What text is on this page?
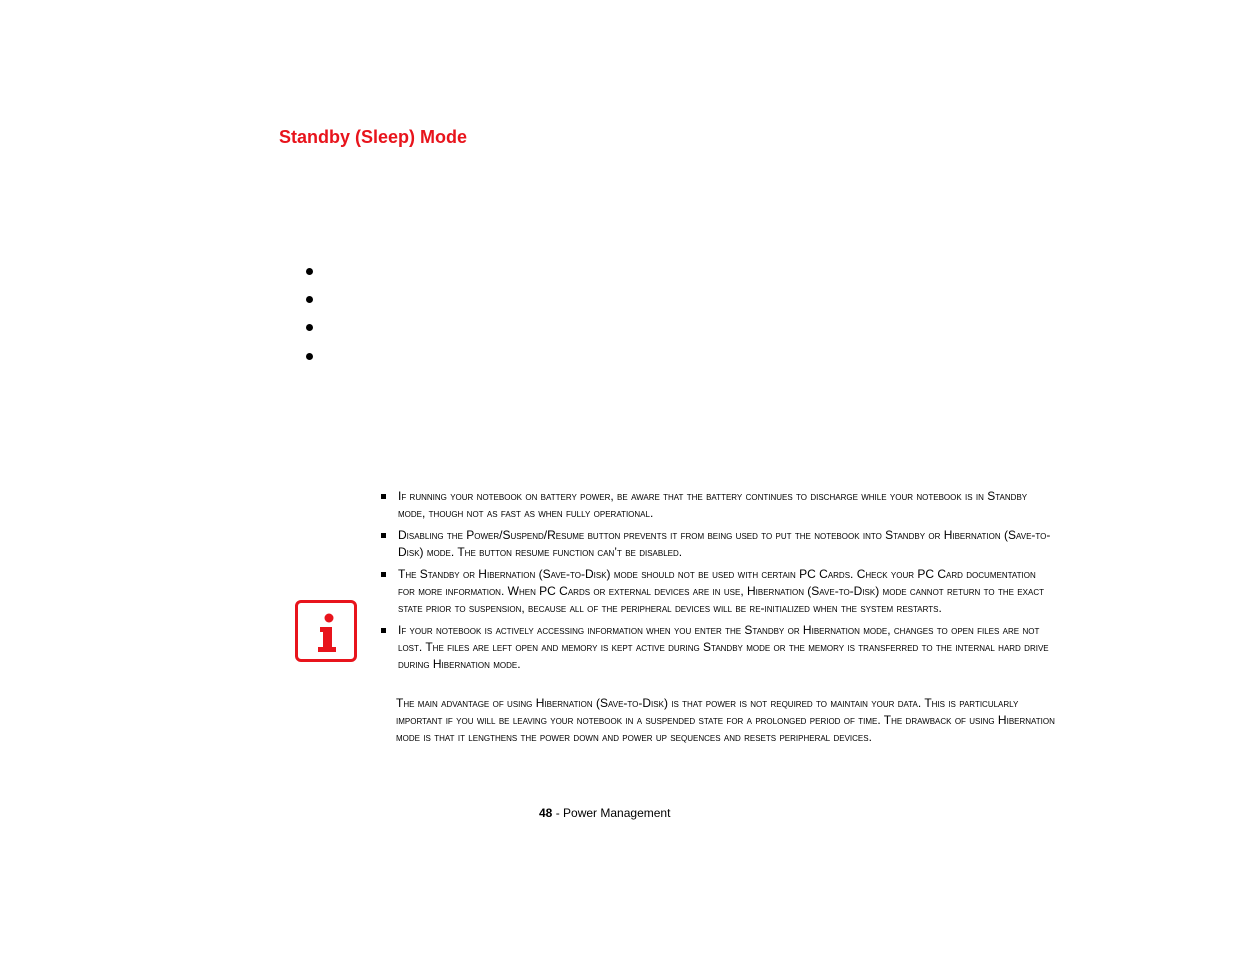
Standby (Sleep) Mode
If running your notebook on battery power, be aware that the battery continues to discharge while your notebook is in Standby mode, though not as fast as when fully operational.
Disabling the Power/Suspend/Resume button prevents it from being used to put the notebook into Standby or Hibernation (Save-to-Disk) mode. The button resume function can’t be disabled.
The Standby or Hibernation (Save-to-Disk) mode should not be used with certain PC Cards. Check your PC Card documentation for more information. When PC Cards or external devices are in use, Hibernation (Save-to-Disk) mode cannot return to the exact state prior to suspension, because all of the peripheral devices will be re-initialized when the system restarts.
If your notebook is actively accessing information when you enter the Standby or Hibernation mode, changes to open files are not lost. The files are left open and memory is kept active during Standby mode or the memory is transferred to the internal hard drive during Hibernation mode.

The main advantage of using Hibernation (Save-to-Disk) is that power is not required to maintain your data. This is particularly important if you will be leaving your notebook in a suspended state for a prolonged period of time. The drawback of using Hibernation mode is that it lengthens the power down and power up sequences and resets peripheral devices.

48 - Power Management
